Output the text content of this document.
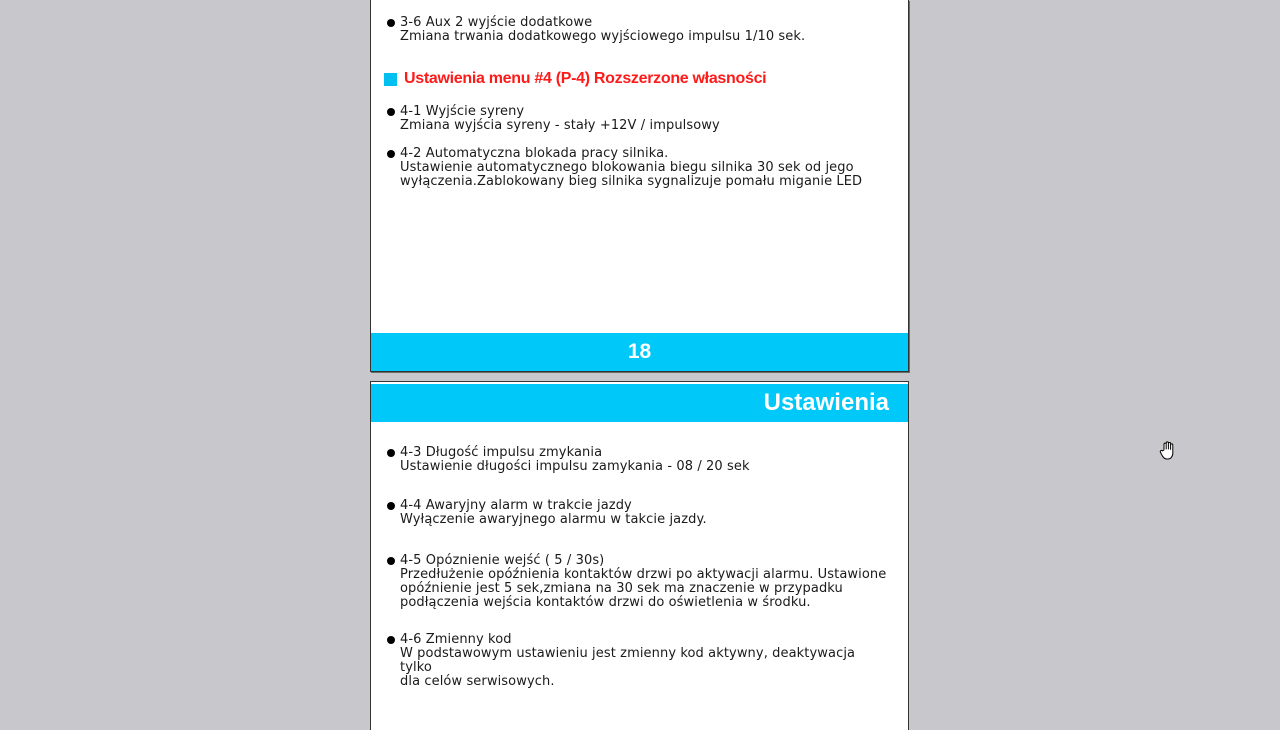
3-6 Aux 2 wyjście dodatkowe
Zmiana trwania dodatkowego wyjściowego impulsu 1/10 sek.
Ustawienia menu #4 (P-4) Rozszerzone własności
4-1 Wyjście syreny
Zmiana wyjścia syreny - stały +12V / impulsowy
4-2 Automatyczna blokada pracy silnika.
Ustawienie automatycznego blokowania biegu silnika 30 sek od jego
wyłączenia.Zablokowany bieg silnika sygnalizuje pomału miganie LED
18
Ustawienia
4-3 Długość impulsu zmykania
Ustawienie długości impulsu zamykania - 08 / 20 sek
4-4 Awaryjny alarm w trakcie jazdy
Wyłączenie awaryjnego alarmu w takcie jazdy.
4-5 Opóznienie wejść ( 5 / 30s)
Przedłużenie opóźnienia kontaktów drzwi po aktywacji alarmu. Ustawione
opóźnienie jest 5 sek,zmiana na 30 sek ma znaczenie w przypadku
podłączenia wejścia kontaktów drzwi do oświetlenia w środku.
4-6 Zmienny kod
W podstawowym ustawieniu jest zmienny kod aktywny, deaktywacja tylko
dla celów serwisowych.
